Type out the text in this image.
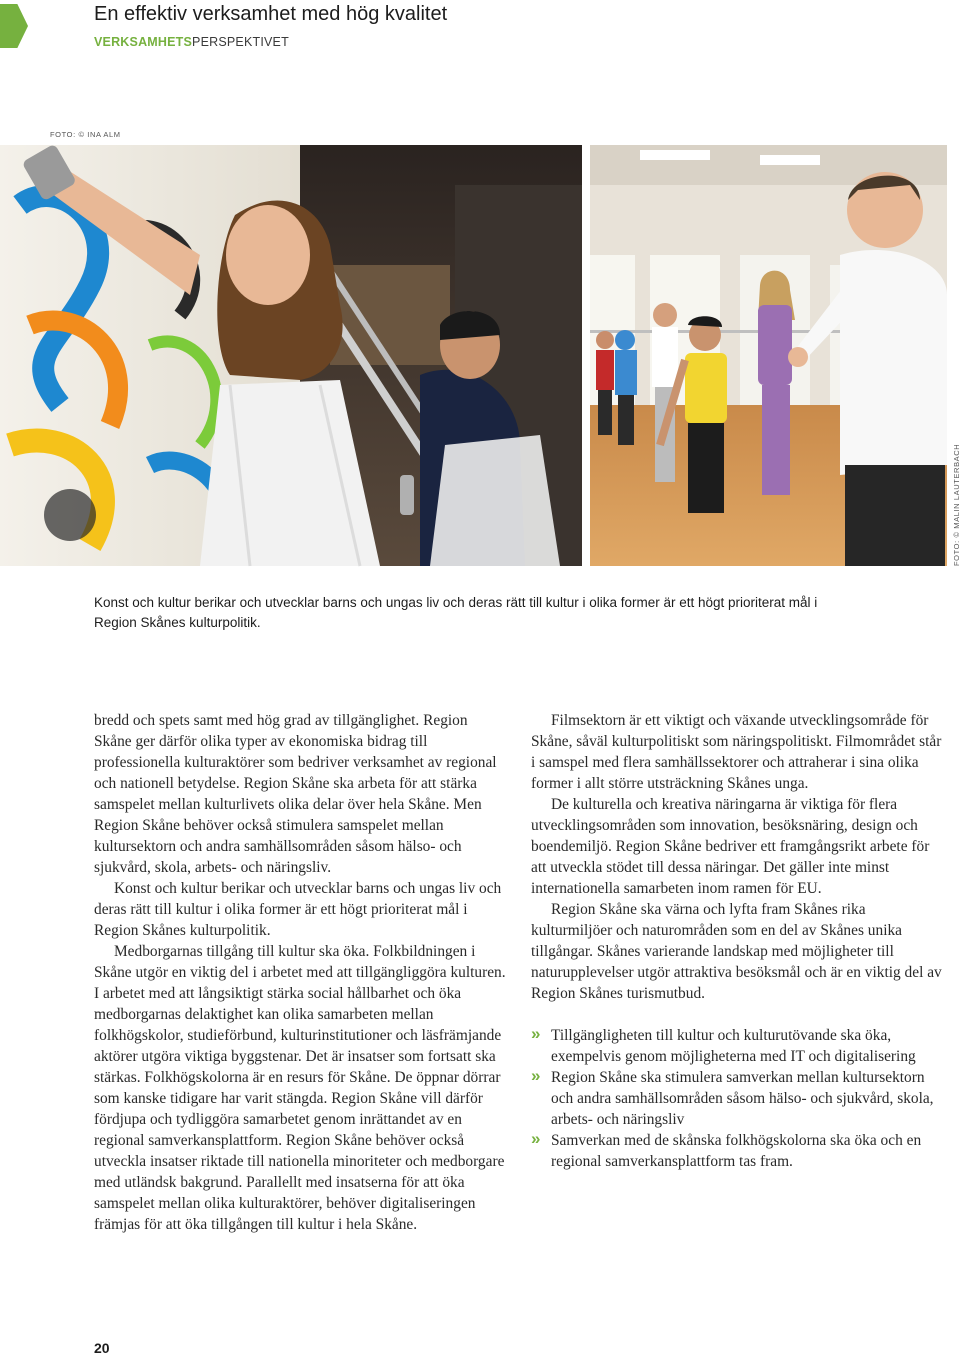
En effektiv verksamhet med hög kvalitet
VERKSAMHETSPERSPEKTIVET
FOTO: © INA ALM
FOTO: © MALIN LAUTERBACH
Konst och kultur berikar och utvecklar barns och ungas liv och deras rätt till kultur i olika former är ett högt prioriterat mål i Region Skånes kulturpolitik.

bredd och spets samt med hög grad av tillgänglighet. Region Skåne ger därför olika typer av ekonomiska bidrag till professionella kulturaktörer som bedriver verksamhet av regional och nationell betydelse. Region Skåne ska arbeta för att stärka samspelet mellan kulturlivets olika delar över hela Skåne. Men Region Skåne behöver också stimulera samspelet mellan kultursektorn och andra samhällsområden såsom hälso- och sjukvård, skola, arbets- och näringsliv.

Konst och kultur berikar och utvecklar barns och ungas liv och deras rätt till kultur i olika former är ett högt prioriterat mål i Region Skånes kulturpolitik.

Medborgarnas tillgång till kultur ska öka. Folkbildningen i Skåne utgör en viktig del i arbetet med att tillgängliggöra kulturen. I arbetet med att långsiktigt stärka social hållbarhet och öka medborgarnas delaktighet kan olika samarbeten mellan folkhögskolor, studieförbund, kulturinstitutioner och läsfrämjande aktörer utgöra viktiga byggstenar. Det är insatser som fortsatt ska stärkas. Folkhögskolorna är en resurs för Skåne. De öppnar dörrar som kanske tidigare har varit stängda. Region Skåne vill därför fördjupa och tydliggöra samarbetet genom inrättandet av en regional samverkansplattform. Region Skåne behöver också utveckla insatser riktade till nationella minoriteter och medborgare med utländsk bakgrund. Parallellt med insatserna för att öka samspelet mellan olika kulturaktörer, behöver digitaliseringen främjas för att öka tillgången till kultur i hela Skåne.

Filmsektorn är ett viktigt och växande utvecklingsområde för Skåne, såväl kulturpolitiskt som näringspolitiskt. Filmområdet står i samspel med flera samhällssektorer och attraherar i sina olika former i allt större utsträckning Skånes unga.

De kulturella och kreativa näringarna är viktiga för flera utvecklingsområden som innovation, besöksnäring, design och boendemiljö. Region Skåne bedriver ett framgångsrikt arbete för att utveckla stödet till dessa näringar. Det gäller inte minst internationella samarbeten inom ramen för EU.

Region Skåne ska värna och lyfta fram Skånes rika kulturmiljöer och naturområden som en del av Skånes unika tillgångar. Skånes varierande landskap med möjligheter till naturupplevelser utgör attraktiva besöksmål och är en viktig del av Region Skånes turismutbud.

» Tillgängligheten till kultur och kulturutövande ska öka, exempelvis genom möjligheterna med IT och digitalisering
» Region Skåne ska stimulera samverkan mellan kultursektorn och andra samhällsområden såsom hälso- och sjukvård, skola, arbets- och näringsliv
» Samverkan med de skånska folkhögskolorna ska öka och en regional samverkansplattform tas fram.
20
